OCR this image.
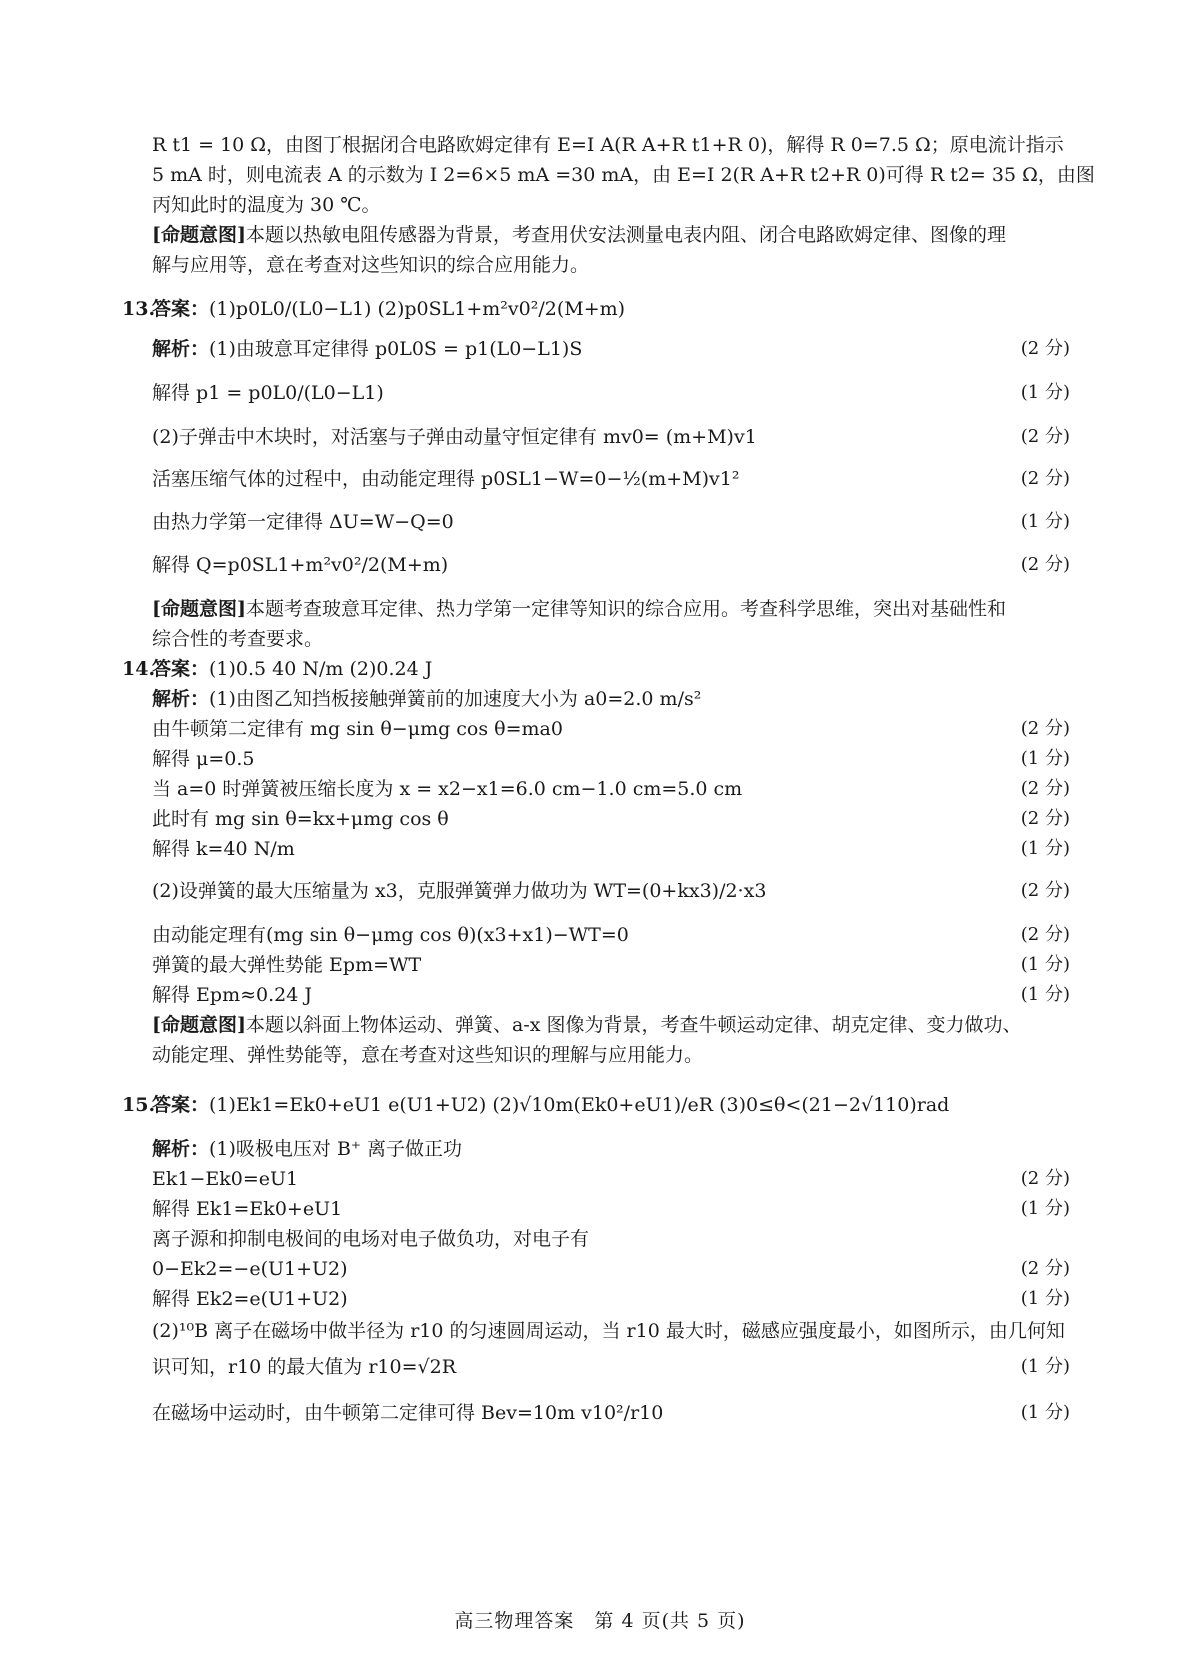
R t1 = 10 Ω，由图丁根据闭合电路欧姆定律有 E=I A(R A+R t1+R 0)，解得 R 0=7.5 Ω；原电流计指示
5 mA 时，则电流表 A 的示数为 I 2=6×5 mA =30 mA，由 E=I 2(R A+R t2+R 0)可得 R t2= 35 Ω，由图
丙知此时的温度为 30 ℃。
[命题意图]本题以热敏电阻传感器为背景，考查用伏安法测量电表内阻、闭合电路欧姆定律、图像的理
解与应用等，意在考查对这些知识的综合应用能力。
13.
答案：(1)p0L0/(L0−L1) (2)p0SL1+m²v0²/2(M+m)
解析：(1)由玻意耳定律得 p0L0S = p1(L0−L1)S	(2 分)
解得 p1 = p0L0/(L0−L1)	(1 分)
(2)子弹击中木块时，对活塞与子弹由动量守恒定律有 mv0= (m+M)v1	(2 分)
活塞压缩气体的过程中，由动能定理得 p0SL1−W=0−½(m+M)v1²	(2 分)
由热力学第一定律得 ΔU=W−Q=0	(1 分)
解得 Q=p0SL1+m²v0²/2(M+m)	(2 分)
[命题意图]本题考查玻意耳定律、热力学第一定律等知识的综合应用。考查科学思维，突出对基础性和
综合性的考查要求。
14.
答案：(1)0.5 40 N/m (2)0.24 J
解析：(1)由图乙知挡板接触弹簧前的加速度大小为 a0=2.0 m/s²
由牛顿第二定律有 mg sin θ−μmg cos θ=ma0	(2 分)
解得 μ=0.5	(1 分)
当 a=0 时弹簧被压缩长度为 x = x2−x1=6.0 cm−1.0 cm=5.0 cm	(2 分)
此时有 mg sin θ=kx+μmg cos θ	(2 分)
解得 k=40 N/m	(1 分)
(2)设弹簧的最大压缩量为 x3，克服弹簧弹力做功为 WT=(0+kx3)/2·x3	(2 分)
由动能定理有(mg sin θ−μmg cos θ)(x3+x1)−WT=0	(2 分)
弹簧的最大弹性势能 Epm=WT	(1 分)
解得 Epm≈0.24 J	(1 分)
[命题意图]本题以斜面上物体运动、弹簧、a-x 图像为背景，考查牛顿运动定律、胡克定律、变力做功、
动能定理、弹性势能等，意在考查对这些知识的理解与应用能力。
15.
答案：(1)Ek1=Ek0+eU1 e(U1+U2) (2)√10m(Ek0+eU1)/eR (3)0≤θ<(21−2√110)rad
解析：(1)吸极电压对 B⁺ 离子做正功
Ek1−Ek0=eU1	(2 分)
解得 Ek1=Ek0+eU1	(1 分)
离子源和抑制电极间的电场对电子做负功，对电子有
0−Ek2=−e(U1+U2)	(2 分)
解得 Ek2=e(U1+U2)	(1 分)
(2)¹⁰B 离子在磁场中做半径为 r10 的匀速圆周运动，当 r10 最大时，磁感应强度最小，如图所示，由几何知
识可知，r10 的最大值为 r10=√2R	(1 分)
在磁场中运动时，由牛顿第二定律可得 Bev=10m v10²/r10	(1 分)
高三物理答案　第 4 页(共 5 页)
